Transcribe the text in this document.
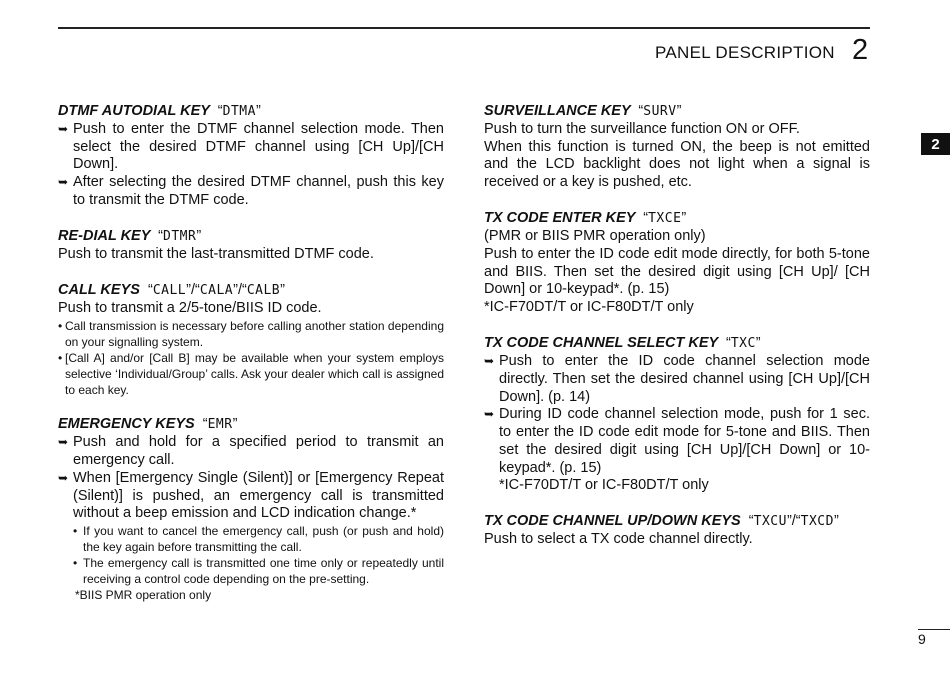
PANEL DESCRIPTION 2
2
9
DTMF AUTODIAL KEY  “DTMA”
➥ Push to enter the DTMF channel selection mode. Then select the desired DTMF channel using [CH Up]/[CH Down].
➥ After selecting the desired DTMF channel, push this key to transmit the DTMF code.
RE-DIAL KEY  “DTMR”

Push to transmit the last-transmitted DTMF code.

CALL KEYS  “CALL”/“CALA”/“CALB”

Push to transmit a 2/5-tone/BIIS ID code.

• Call transmission is necessary before calling another station depending on your signalling system.
• [Call A] and/or [Call B] may be available when your system employs selective ‘Individual/Group’ calls. Ask your dealer which call is assigned to each key.
EMERGENCY KEYS  “EMR”
➥ Push and hold for a specified period to transmit an emergency call.
➥ When [Emergency Single (Silent)] or [Emergency Repeat (Silent)] is pushed, an emergency call is transmitted without a beep emission and LCD indication change.*
• If you want to cancel the emergency call, push (or push and hold) the key again before transmitting the call.
• The emergency call is transmitted one time only or repeatedly until receiving a control code depending on the pre-setting.
*BIIS PMR operation only
SURVEILLANCE KEY  “SURV”

Push to turn the surveillance function ON or OFF.

When this function is turned ON, the beep is not emitted and the LCD backlight does not light when a signal is received or a key is pushed, etc.

TX CODE ENTER KEY  “TXCE”

(PMR or BIIS PMR operation only)

Push to enter the ID code edit mode directly, for both 5-tone and BIIS. Then set the desired digit using [CH Up]/ [CH Down] or 10-keypad*. (p. 15)

*IC-F70DT/T or IC-F80DT/T only

TX CODE CHANNEL SELECT KEY  “TXC”
➥ Push to enter the ID code channel selection mode directly. Then set the desired channel using [CH Up]/[CH Down]. (p. 14)
➥ During ID code channel selection mode, push for 1 sec. to enter the ID code edit mode for 5-tone and BIIS. Then set the desired digit using [CH Up]/[CH Down] or 10-keypad*. (p. 15)
*IC-F70DT/T or IC-F80DT/T only
TX CODE CHANNEL UP/DOWN KEYS  “TXCU”/“TXCD”

Push to select a TX code channel directly.
